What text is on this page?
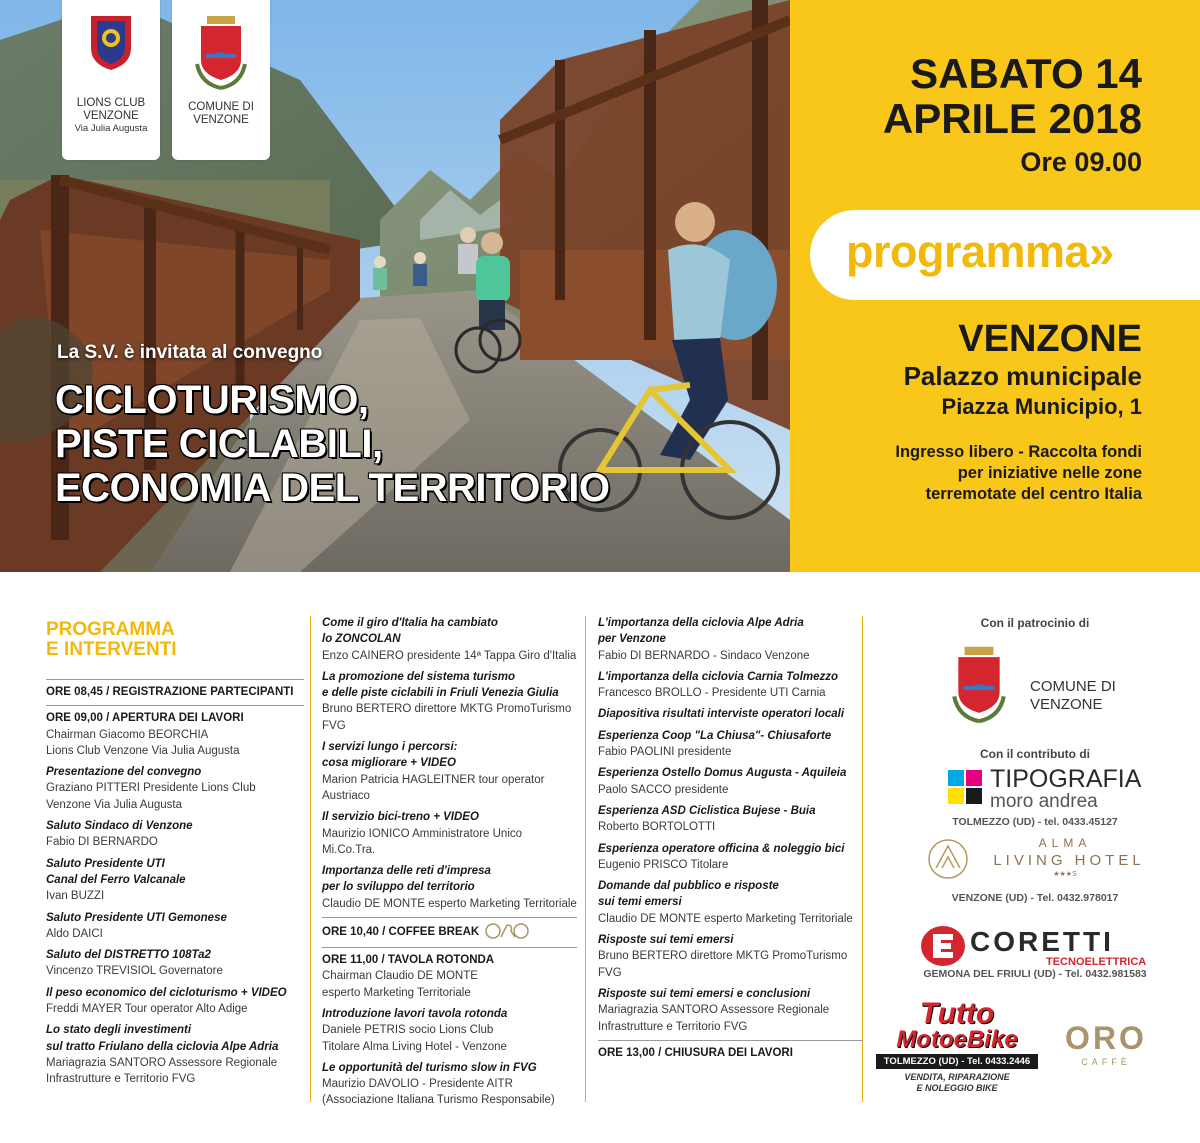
LIONS CLUB
VENZONE
Via Julia Augusta
COMUNE DI
VENZONE
La S.V. è invitata al convegno
CICLOTURISMO,
PISTE CICLABILI,
ECONOMIA DEL TERRITORIO
SABATO 14
APRILE 2018
Ore 09.00
programma»
VENZONE
Palazzo municipale
Piazza Municipio, 1
Ingresso libero - Raccolta fondi
per iniziative nelle zone
terremotate del centro Italia
PROGRAMMA
E INTERVENTI
ORE 08,45 / REGISTRAZIONE PARTECIPANTI
ORE 09,00 / APERTURA DEI LAVORI
Chairman Giacomo BEORCHIA
Lions Club Venzone Via Julia Augusta
Presentazione del convegno
Graziano PITTERI Presidente Lions Club
Venzone Via Julia Augusta
Saluto Sindaco di Venzone
Fabio DI BERNARDO
Saluto Presidente UTI
Canal del Ferro Valcanale
Ivan BUZZI
Saluto Presidente UTI Gemonese
Aldo DAICI
Saluto del DISTRETTO 108Ta2
Vincenzo TREVISIOL Governatore
Il peso economico del cicloturismo + VIDEO
Freddi MAYER Tour operator Alto Adige
Lo stato degli investimenti
sul tratto Friulano della ciclovia Alpe Adria
Mariagrazia SANTORO Assessore Regionale
Infrastrutture e Territorio FVG
Come il giro d'Italia ha cambiato
lo ZONCOLAN
Enzo CAINERO presidente 14ª Tappa Giro d'Italia
La promozione del sistema turismo
e delle piste ciclabili in Friuli Venezia Giulia
Bruno BERTERO direttore MKTG PromoTurismo FVG
I servizi lungo i percorsi:
cosa migliorare + VIDEO
Marion Patricia HAGLEITNER tour operator Austriaco
Il servizio bici-treno + VIDEO
Maurizio IONICO Amministratore Unico Mi.Co.Tra.
Importanza delle reti d'impresa
per lo sviluppo del territorio
Claudio DE MONTE esperto Marketing Territoriale
ORE 10,40 / COFFEE BREAK
ORE 11,00 / TAVOLA ROTONDA
Chairman Claudio DE MONTE
esperto Marketing Territoriale
Introduzione lavori tavola rotonda
Daniele PETRIS socio Lions Club
Titolare Alma Living Hotel - Venzone
Le opportunità del turismo slow in FVG
Maurizio DAVOLIO - Presidente AITR
(Associazione Italiana Turismo Responsabile)
L'importanza della ciclovia Alpe Adria
per Venzone
Fabio DI BERNARDO - Sindaco Venzone
L'importanza della ciclovia Carnia Tolmezzo
Francesco BROLLO - Presidente UTI Carnia
Diapositiva risultati interviste operatori locali
Esperienza Coop "La Chiusa"- Chiusaforte
Fabio PAOLINI presidente
Esperienza Ostello Domus Augusta - Aquileia
Paolo SACCO presidente
Esperienza ASD Ciclistica Bujese - Buia
Roberto BORTOLOTTI
Esperienza operatore officina & noleggio bici
Eugenio PRISCO Titolare
Domande dal pubblico e risposte
sui temi emersi
Claudio DE MONTE esperto Marketing Territoriale
Risposte sui temi emersi
Bruno BERTERO direttore MKTG PromoTurismo FVG
Risposte sui temi emersi e conclusioni
Mariagrazia SANTORO Assessore Regionale
Infrastrutture e Territorio FVG
ORE 13,00 / CHIUSURA DEI LAVORI
Con il patrocinio di
COMUNE DI
VENZONE
Con il contributo di
TIPOGRAFIA
moro andrea
TOLMEZZO (UD) - tel. 0433.45127
ALMA
LIVING HOTEL
★★★S
VENZONE (UD) - Tel. 0432.978017
CORETTI
TECNOELETTRICA
GEMONA DEL FRIULI (UD) - Tel. 0432.981583
Tutto
MotoeBike
TOLMEZZO (UD) - Tel. 0433.2446
VENDITA, RIPARAZIONE
E NOLEGGIO BIKE
ORO
CAFFÈ
